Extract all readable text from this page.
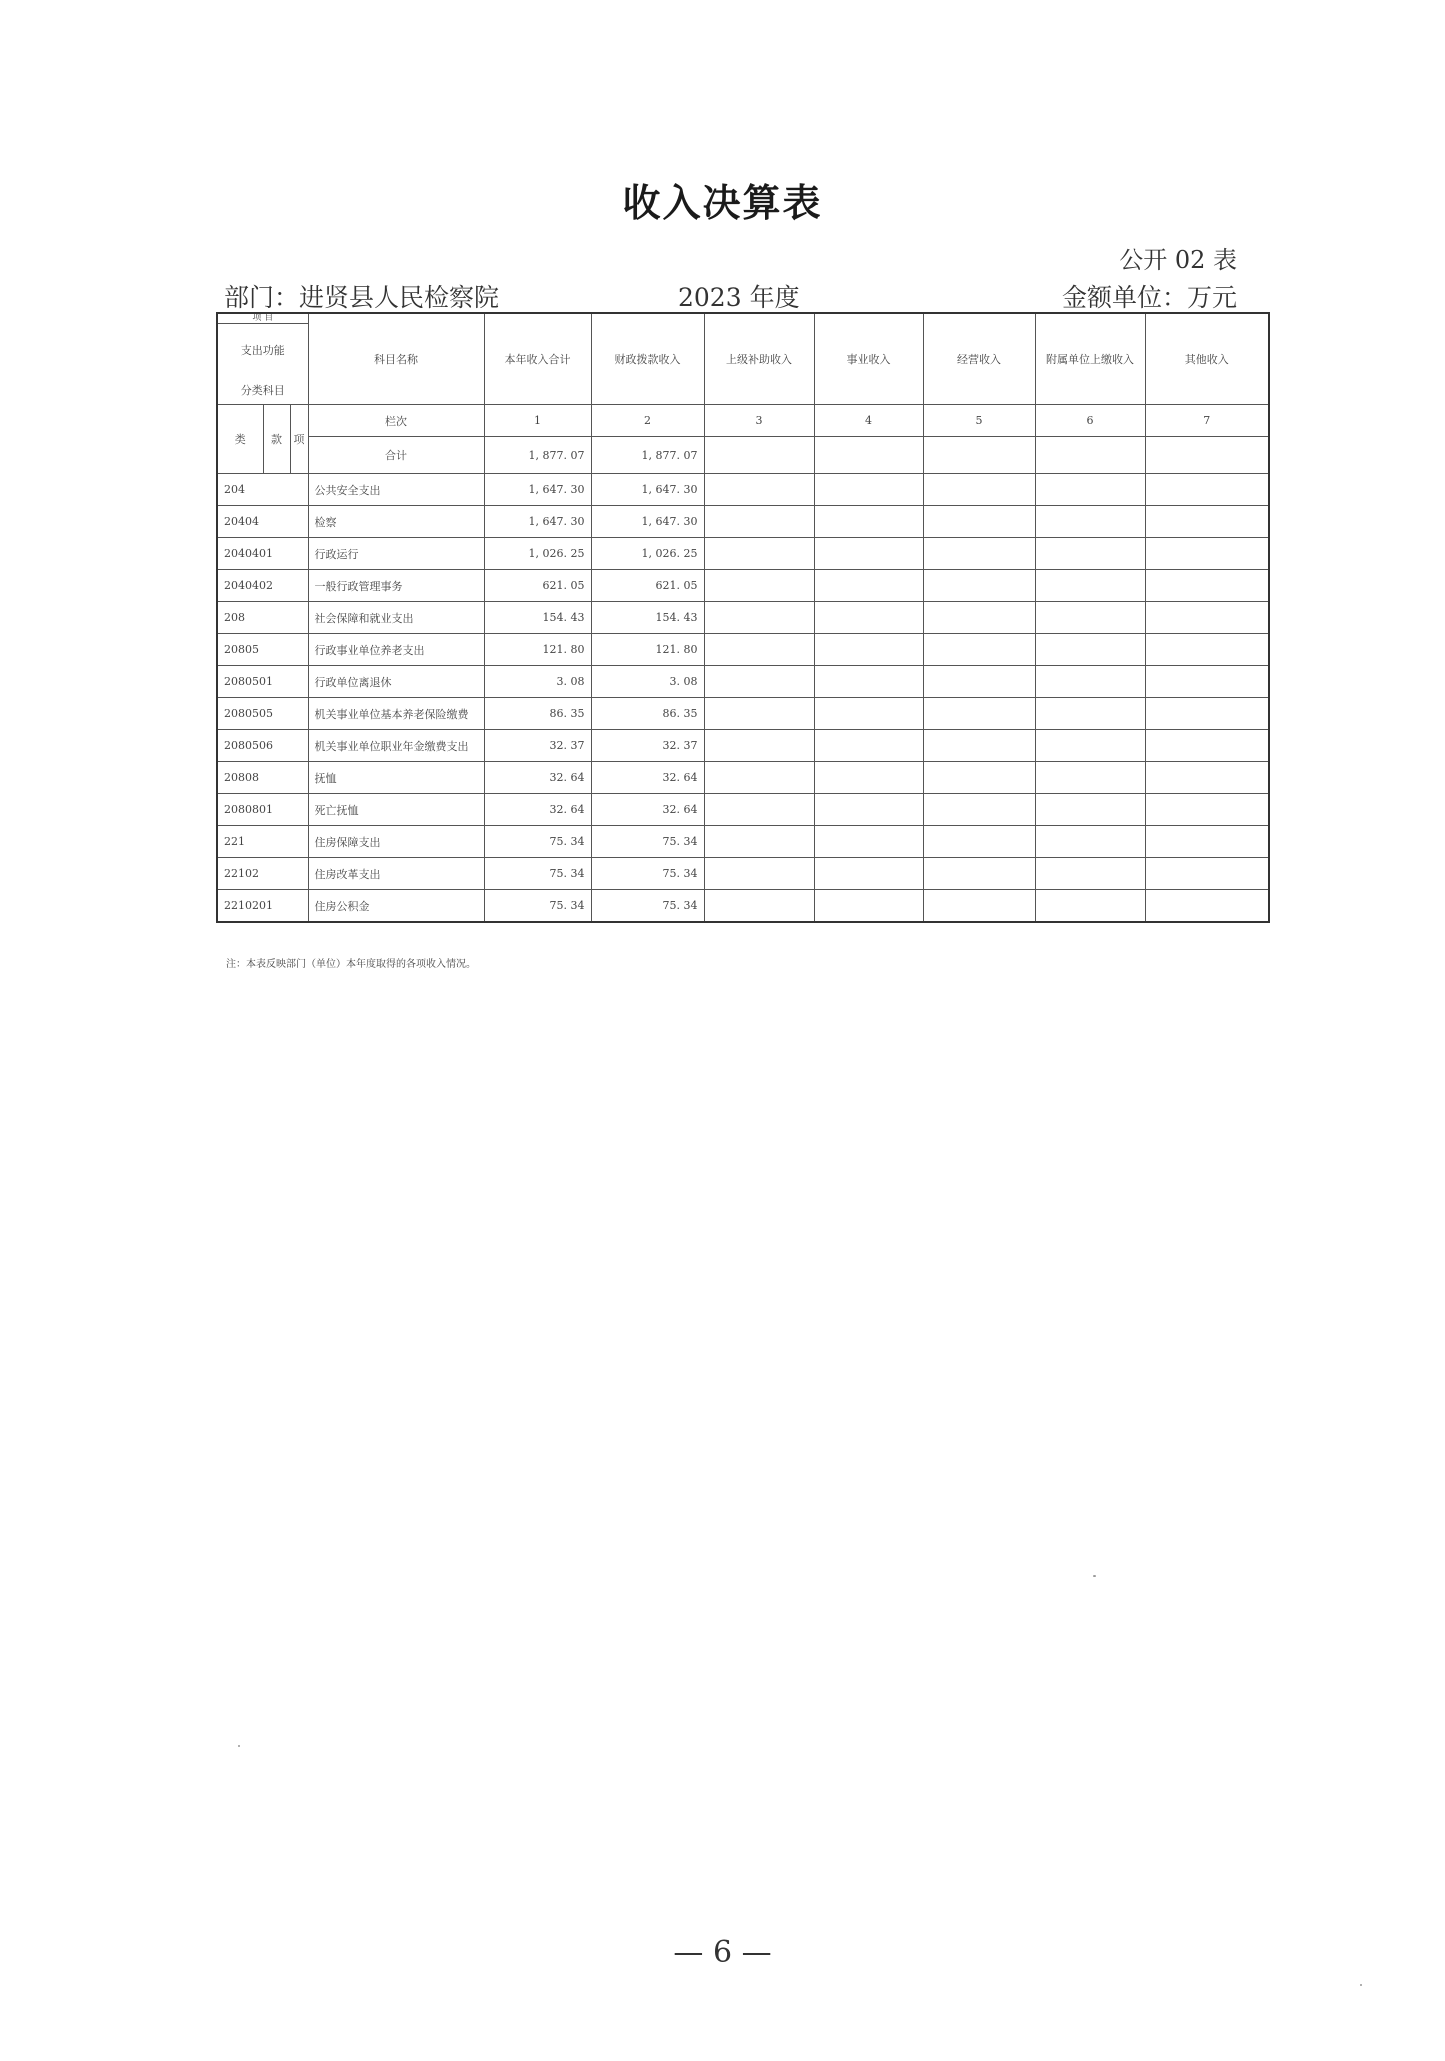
收入决算表
公开 02 表
部门：进贤县人民检察院	2023 年度	金额单位：万元
项 目
支出功能
分类科目			科目名称	本年收入合计	财政拨款收入	上级补助收入	事业收入	经营收入	附属单位上缴收入	其他收入
类	款	项	栏次	1	2	3	4	5	6	7
			合计	1, 877. 07	1, 877. 07					
204			公共安全支出	1, 647. 30	1, 647. 30					
20404			检察	1, 647. 30	1, 647. 30					
2040401			行政运行	1, 026. 25	1, 026. 25					
2040402			一般行政管理事务	621. 05	621. 05					
208			社会保障和就业支出	154. 43	154. 43					
20805			行政事业单位养老支出	121. 80	121. 80					
2080501			行政单位离退休	3. 08	3. 08					
2080505			机关事业单位基本养老保险缴费	86. 35	86. 35					
2080506			机关事业单位职业年金缴费支出	32. 37	32. 37					
20808			抚恤	32. 64	32. 64					
2080801			死亡抚恤	32. 64	32. 64					
221			住房保障支出	75. 34	75. 34					
22102			住房改革支出	75. 34	75. 34					
2210201			住房公积金	75. 34	75. 34					
注：本表反映部门（单位）本年度取得的各项收入情况。
— 6 —
